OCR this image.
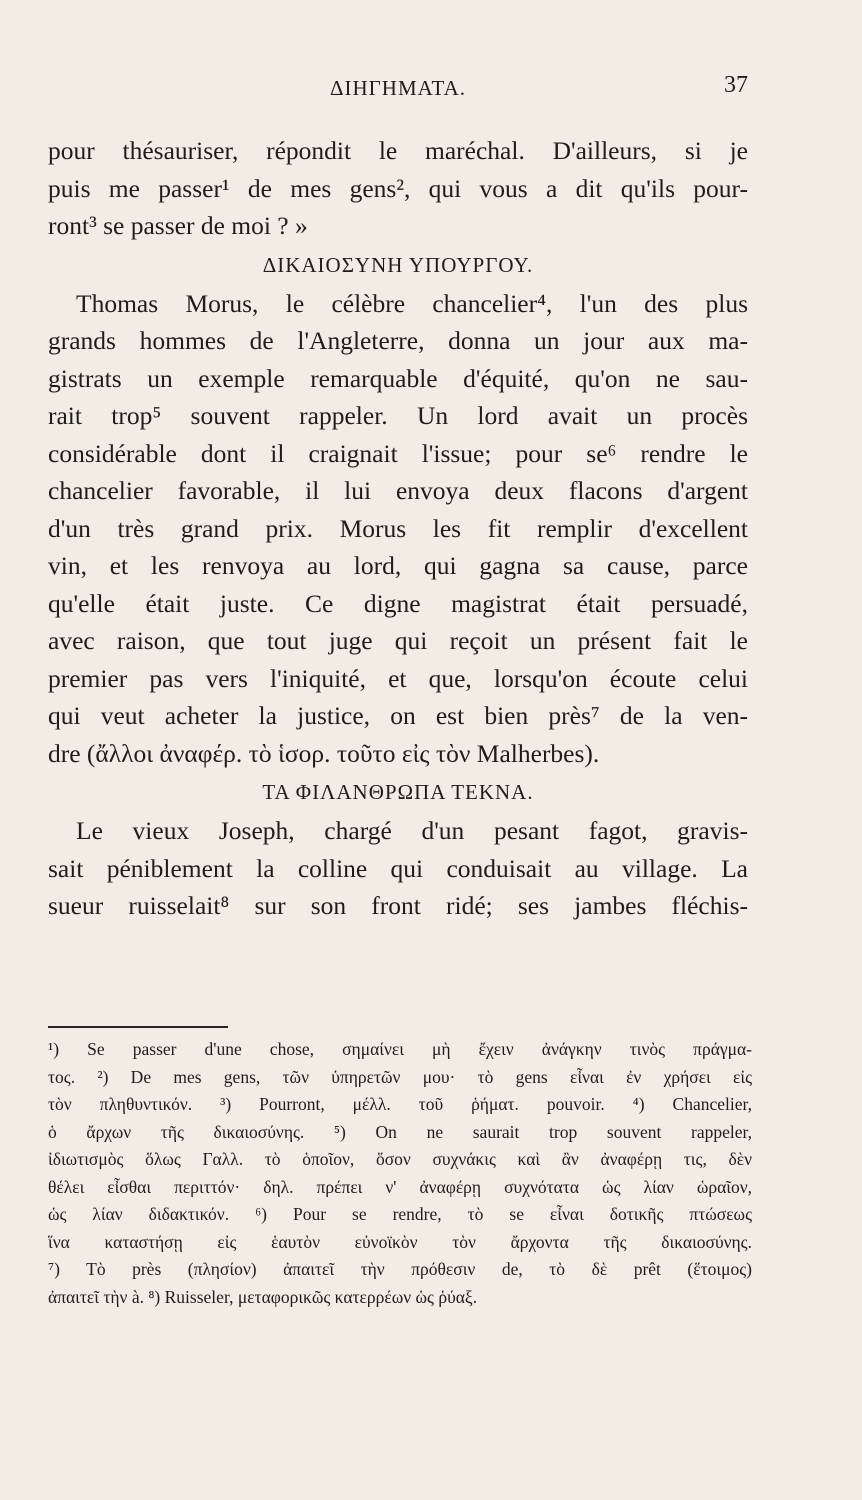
ΔΙΗΓΗΜΑΤΑ.	37
pour thésauriser, répondit le maréchal. D'ailleurs, si je
puis me passer¹ de mes gens², qui vous a dit qu'ils pour-
ront³ se passer de moi ? »
ΔΙΚΑΙΟΣΥΝΗ ΥΠΟΥΡΓΟΥ.
Thomas Morus, le célèbre chancelier⁴, l'un des plus
grands hommes de l'Angleterre, donna un jour aux ma-
gistrats un exemple remarquable d'équité, qu'on ne sau-
rait trop⁵ souvent rappeler. Un lord avait un procès
considérable dont il craignait l'issue; pour se⁶ rendre le
chancelier favorable, il lui envoya deux flacons d'argent
d'un très grand prix. Morus les fit remplir d'excellent
vin, et les renvoya au lord, qui gagna sa cause, parce
qu'elle était juste. Ce digne magistrat était persuadé,
avec raison, que tout juge qui reçoit un présent fait le
premier pas vers l'iniquité, et que, lorsqu'on écoute celui
qui veut acheter la justice, on est bien près⁷ de la ven-
dre (ἄλλοι ἀναφέρ. τὸ ἱσορ. τοῦτο εἰς τὸν Malherbes).
ΤΑ ΦΙΛΑΝΘΡΩΠΑ ΤΕΚΝΑ.
Le vieux Joseph, chargé d'un pesant fagot, gravis-
sait péniblement la colline qui conduisait au village. La
sueur ruisselait⁸ sur son front ridé; ses jambes fléchis-
¹) Se passer d'une chose, σημαίνει μὴ ἔχειν ἀνάγκην τινὸς πράγμα-
τος. ²) De mes gens, τῶν ὑπηρετῶν μου· τὸ gens εἶναι ἐν χρήσει εἰς
τὸν πληθυντικόν. ³) Pourront, μέλλ. τοῦ ῥήματ. pouvoir. ⁴) Chancelier,
ὁ ἄρχων τῆς δικαιοσύνης. ⁵) On ne saurait trop souvent rappeler,
ἰδιωτισμὸς ὅλως Γαλλ. τὸ ὁποῖον, ὅσον συχνάκις καὶ ἂν ἀναφέρῃ τις, δὲν
θέλει εἶσθαι περιττόν· δηλ. πρέπει ν' ἀναφέρῃ συχνότατα ὡς λίαν ὡραῖον,
ὡς λίαν διδακτικόν. ⁶) Pour se rendre, τὸ se εἶναι δοτικῆς πτώσεως
ἵνα καταστήσῃ εἰς ἑαυτὸν εὐνοϊκὸν τὸν ἄρχοντα τῆς δικαιοσύνης.
⁷) Τὸ près (πλησίον) ἀπαιτεῖ τὴν πρόθεσιν de, τὸ δὲ prêt (ἕτοιμος)
ἀπαιτεῖ τὴν à. ⁸) Ruisseler, μεταφορικῶς κατερρέων ὡς ῥύαξ.
